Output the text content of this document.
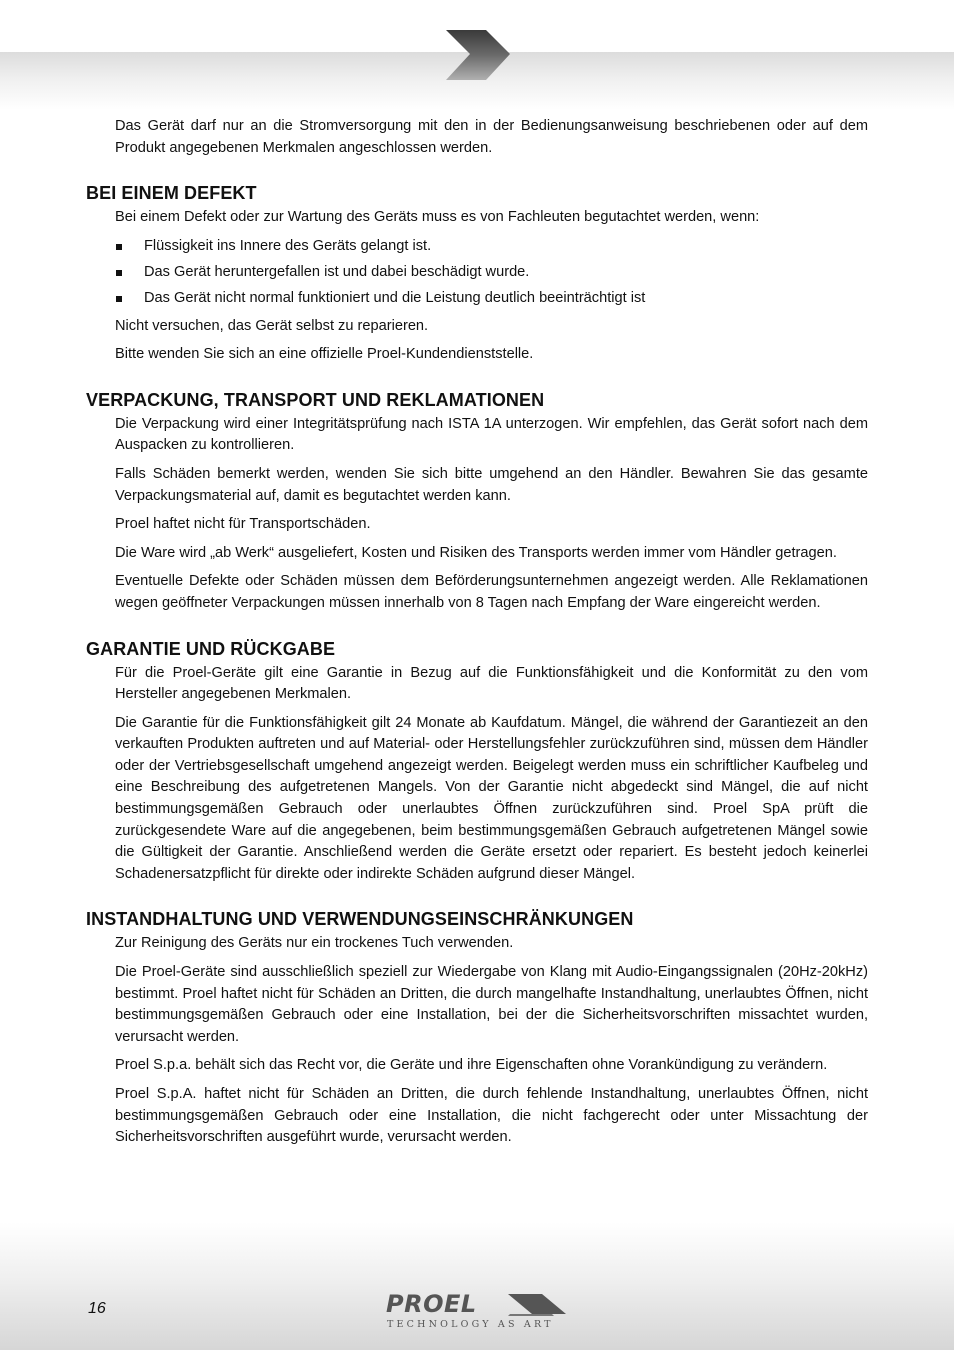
Das Gerät darf nur an die Stromversorgung mit den in der Bedienungsanweisung beschriebenen oder auf dem Produkt angegebenen Merkmalen angeschlossen werden.

BEI EINEM DEFEKT

Bei einem Defekt oder zur Wartung des Geräts muss es von Fachleuten begutachtet werden, wenn:

Flüssigkeit ins Innere des Geräts gelangt ist.
Das Gerät heruntergefallen ist und dabei beschädigt wurde.
Das Gerät nicht normal funktioniert und die Leistung deutlich beeinträchtigt ist

Nicht versuchen, das Gerät selbst zu reparieren.

Bitte wenden Sie sich an eine offizielle Proel-Kundendienststelle.

VERPACKUNG, TRANSPORT UND REKLAMATIONEN

Die Verpackung wird einer Integritätsprüfung nach ISTA 1A unterzogen. Wir empfehlen, das Gerät sofort nach dem Auspacken zu kontrollieren.

Falls Schäden bemerkt werden, wenden Sie sich bitte umgehend an den Händler. Bewahren Sie das gesamte Verpackungsmaterial auf, damit es begutachtet werden kann.

Proel haftet nicht für Transportschäden.

Die Ware wird „ab Werk“ ausgeliefert, Kosten und Risiken des Transports werden immer vom Händler getragen.

Eventuelle Defekte oder Schäden müssen dem Beförderungsunternehmen angezeigt werden. Alle Reklamationen wegen geöffneter Verpackungen müssen innerhalb von 8 Tagen nach Empfang der Ware eingereicht werden.

GARANTIE UND RÜCKGABE

Für die Proel-Geräte gilt eine Garantie in Bezug auf die Funktionsfähigkeit und die Konformität zu den vom Hersteller angegebenen Merkmalen.

Die Garantie für die Funktionsfähigkeit gilt 24 Monate ab Kaufdatum. Mängel, die während der Garantiezeit an den verkauften Produkten auftreten und auf Material- oder Herstellungsfehler zurückzuführen sind, müssen dem Händler oder der Vertriebsgesellschaft umgehend angezeigt werden. Beigelegt werden muss ein schriftlicher Kaufbeleg und eine Beschreibung des aufgetretenen Mangels. Von der Garantie nicht abgedeckt sind Mängel, die auf nicht bestimmungsgemäßen Gebrauch oder unerlaubtes Öffnen zurückzuführen sind. Proel SpA prüft die zurückgesendete Ware auf die angegebenen, beim bestimmungsgemäßen Gebrauch aufgetretenen Mängel sowie die Gültigkeit der Garantie. Anschließend werden die Geräte ersetzt oder repariert. Es besteht jedoch keinerlei Schadenersatzpflicht für direkte oder indirekte Schäden aufgrund dieser Mängel.

INSTANDHALTUNG UND VERWENDUNGSEINSCHRÄNKUNGEN

Zur Reinigung des Geräts nur ein trockenes Tuch verwenden.

Die Proel-Geräte sind ausschließlich speziell zur Wiedergabe von Klang mit Audio-Eingangssignalen (20Hz-20kHz) bestimmt. Proel haftet nicht für Schäden an Dritten, die durch mangelhafte Instandhaltung, unerlaubtes Öffnen, nicht bestimmungsgemäßen Gebrauch oder eine Installation, bei der die Sicherheitsvorschriften missachtet wurden, verursacht werden.

Proel S.p.a. behält sich das Recht vor, die Geräte und ihre Eigenschaften ohne Vorankündigung zu verändern.

Proel S.p.A. haftet nicht für Schäden an Dritten, die durch fehlende Instandhaltung, unerlaubtes Öffnen, nicht bestimmungsgemäßen Gebrauch oder eine Installation, die nicht fachgerecht oder unter Missachtung der Sicherheitsvorschriften ausgeführt wurde, verursacht werden.

16	PROEL
TECHNOLOGY AS ART
